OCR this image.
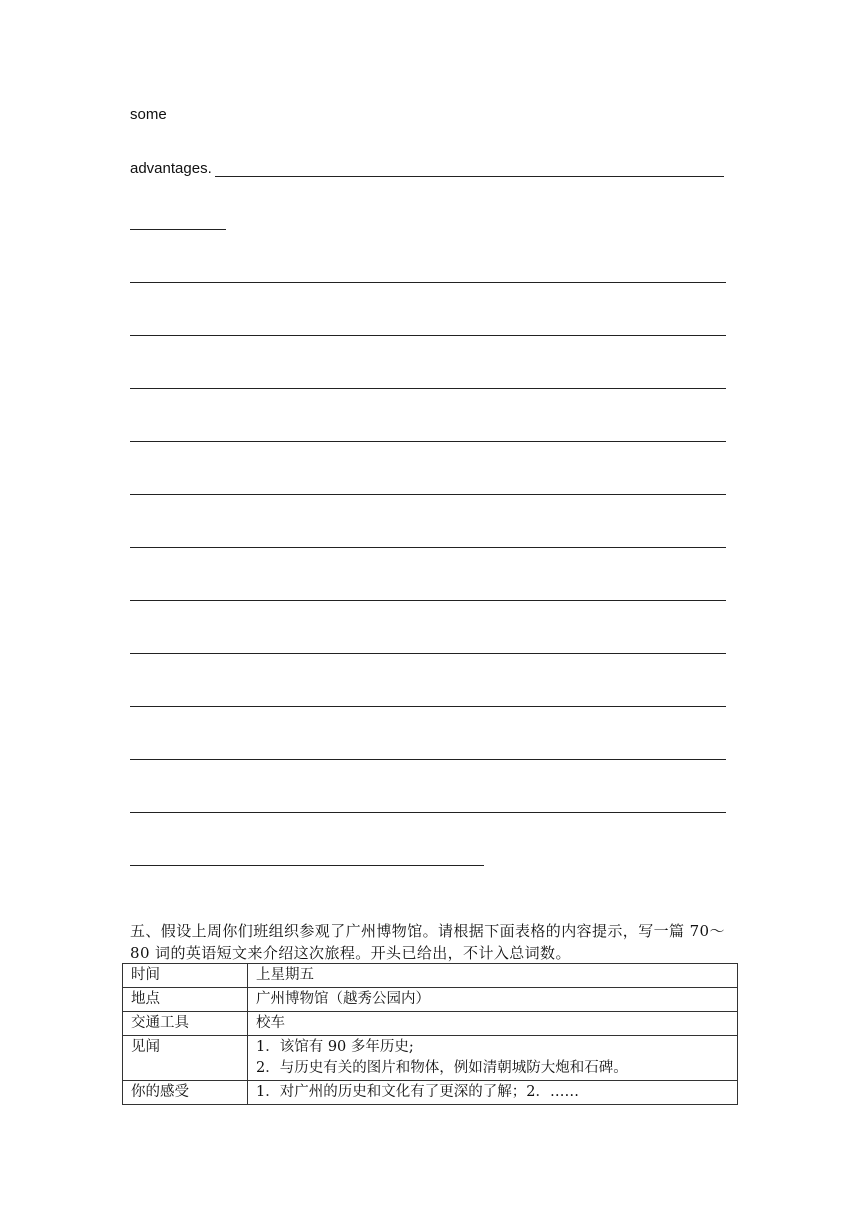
some
advantages.
五、假设上周你们班组织参观了广州博物馆。请根据下面表格的内容提示，写一篇 70～80 词的英语短文来介绍这次旅程。开头已给出，不计入总词数。
时间	上星期五
地点	广州博物馆（越秀公园内）
交通工具	校车
见闻	1．该馆有 90 多年历史;
2．与历史有关的图片和物体，例如清朝城防大炮和石碑。

你的感受	1．对广州的历史和文化有了更深的了解；2．……
